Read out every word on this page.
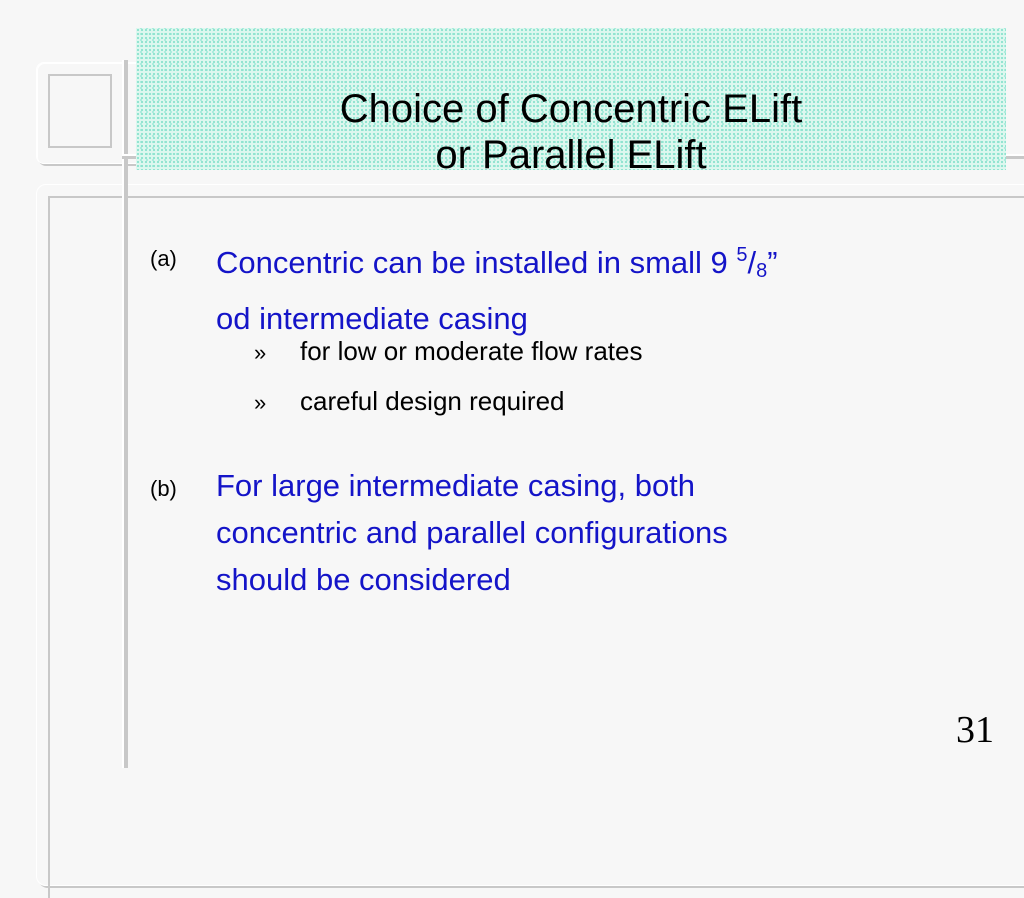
Choice of Concentric ELift
or Parallel ELift
(a) Concentric can be installed in small 9 $^5/_8$”
od intermediate casing
» for low or moderate flow rates
» careful design required
(b) For large intermediate casing, both
concentric and parallel configurations
should be considered
31
